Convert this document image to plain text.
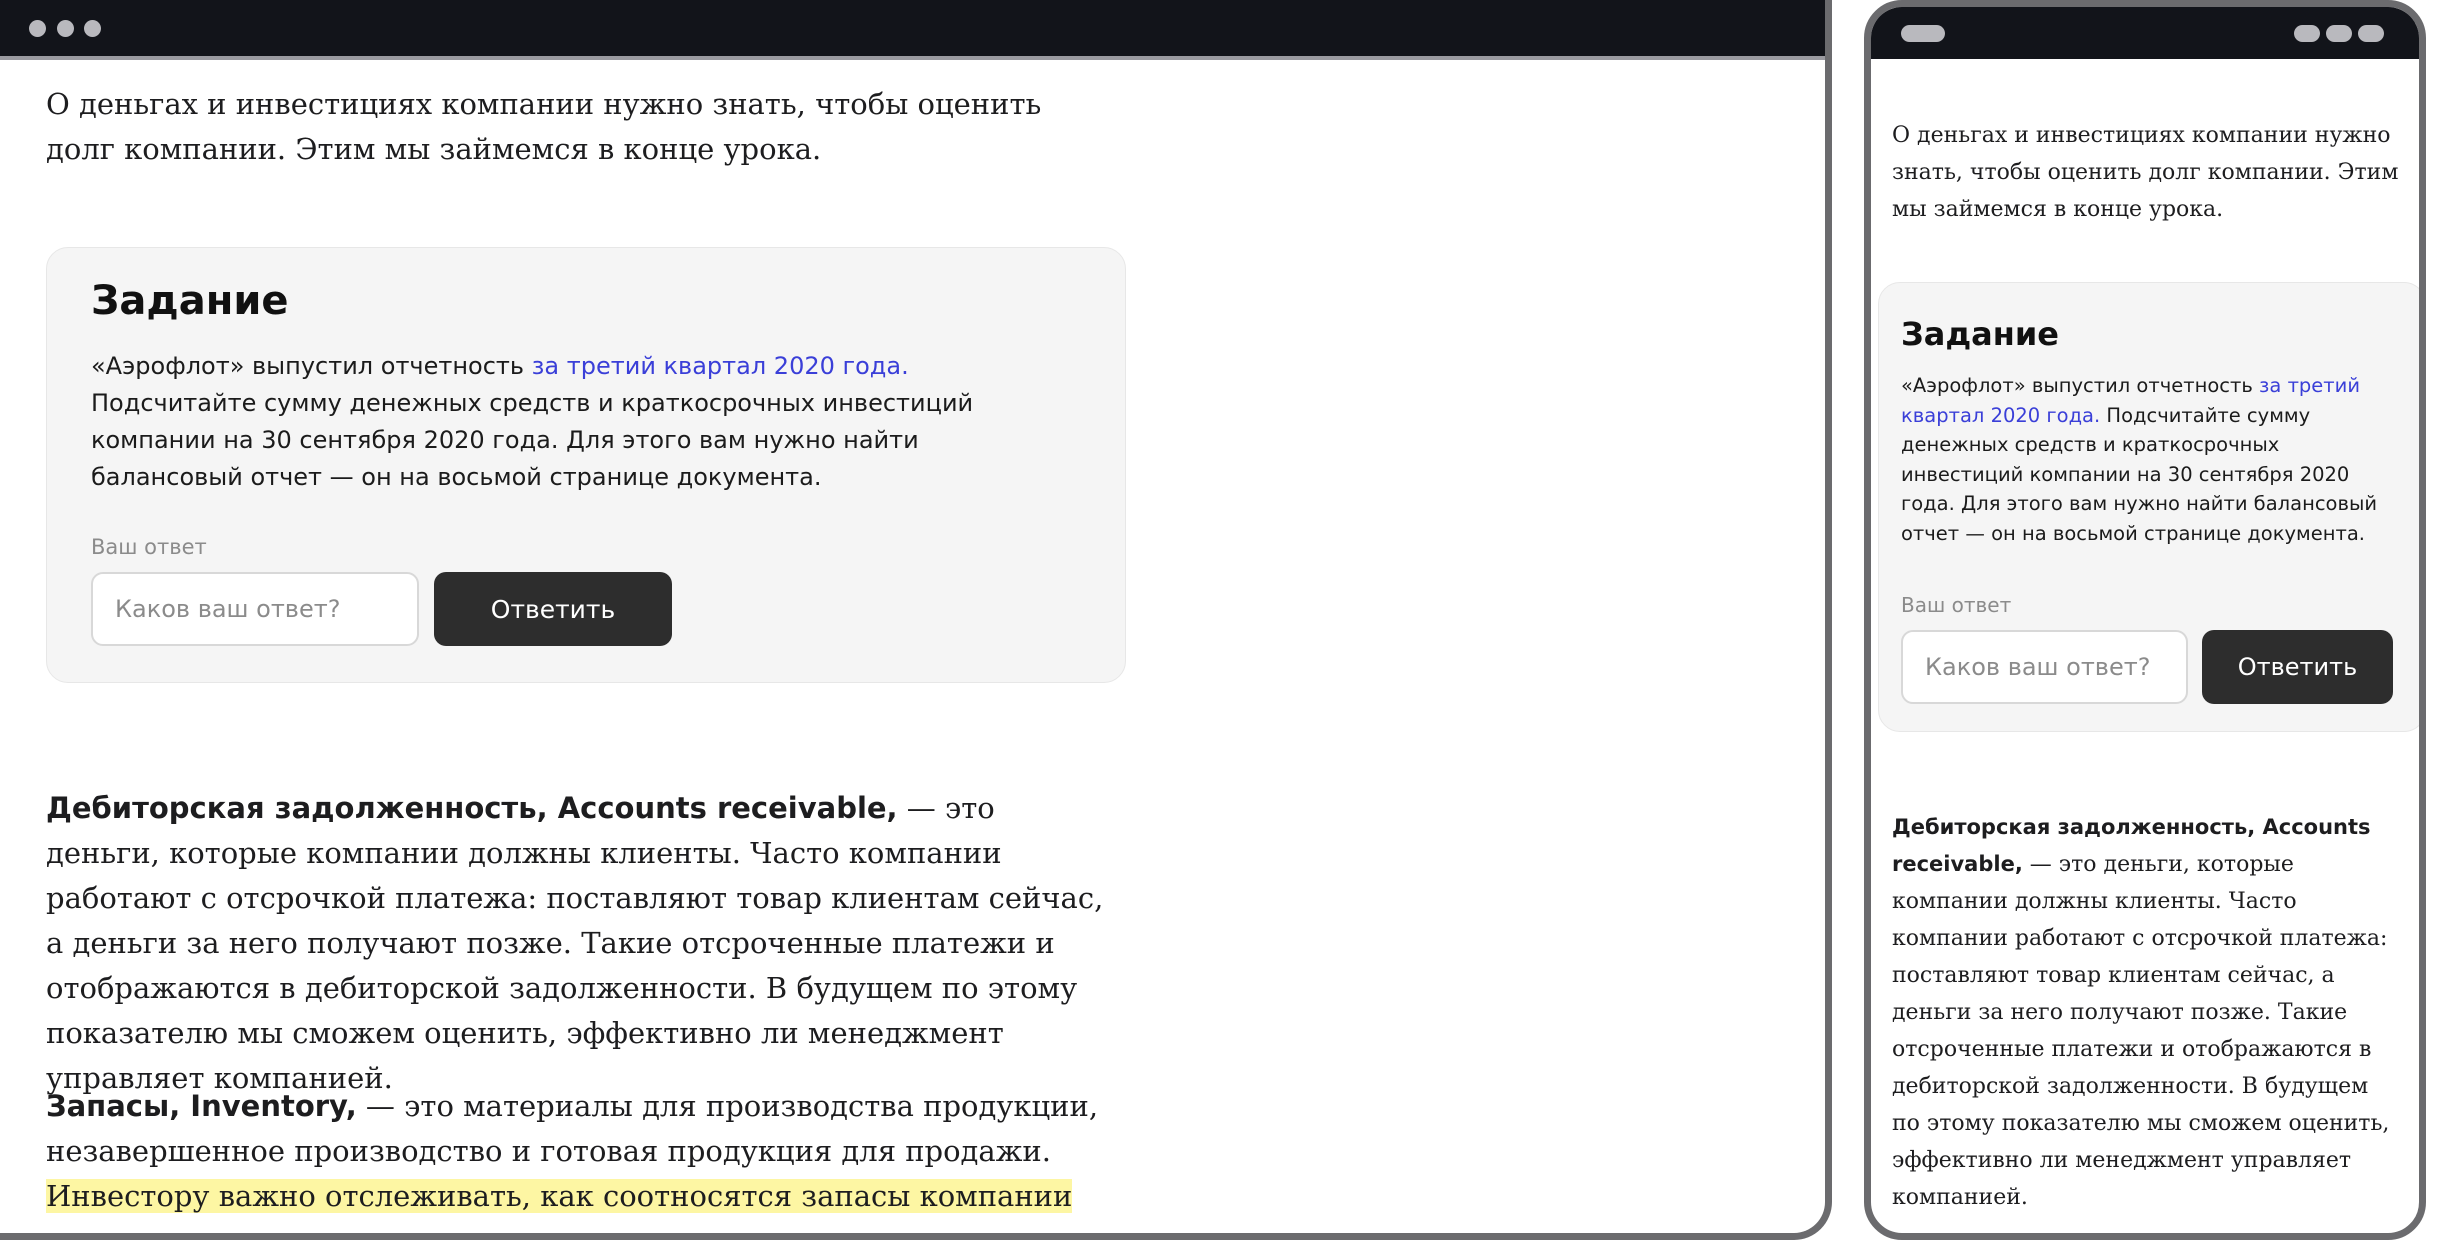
О деньгах и инвестициях компании нужно знать, чтобы оценить долг компании. Этим мы займемся в конце урока.

Задание

«Аэрофлот» выпустил отчетность за третий квартал 2020 года. Подсчитайте сумму денежных средств и краткосрочных инвестиций компании на 30 сентября 2020 года. Для этого вам нужно найти балансовый отчет — он на восьмой странице документа.

Ваш ответ
Каков ваш ответ?
Ответить

Дебиторская задолженность, Accounts receivable, — это деньги, которые компании должны клиенты. Часто компании работают с отсрочкой платежа: поставляют товар клиентам сейчас, а деньги за него получают позже. Такие отсроченные платежи и отображаются в дебиторской задолженности. В будущем по этому показателю мы сможем оценить, эффективно ли менеджмент управляет компанией.

Запасы, Inventory, — это материалы для производства продукции, незавершенное производство и готовая продукция для продажи. Инвестору важно отслеживать, как соотносятся запасы компании

О деньгах и инвестициях компании нужно знать, чтобы оценить долг компании. Этим мы займемся в конце урока.

Задание

«Аэрофлот» выпустил отчетность за третий квартал 2020 года. Подсчитайте сумму денежных средств и краткосрочных инвестиций компании на 30 сентября 2020 года. Для этого вам нужно найти балансовый отчет — он на восьмой странице документа.

Ваш ответ
Каков ваш ответ?
Ответить

Дебиторская задолженность, Accounts receivable, — это деньги, которые компании должны клиенты. Часто компании работают с отсрочкой платежа: поставляют товар клиентам сейчас, а деньги за него получают позже. Такие отсроченные платежи и отображаются в дебиторской задолженности. В будущем по этому показателю мы сможем оценить, эффективно ли менеджмент управляет компанией.
